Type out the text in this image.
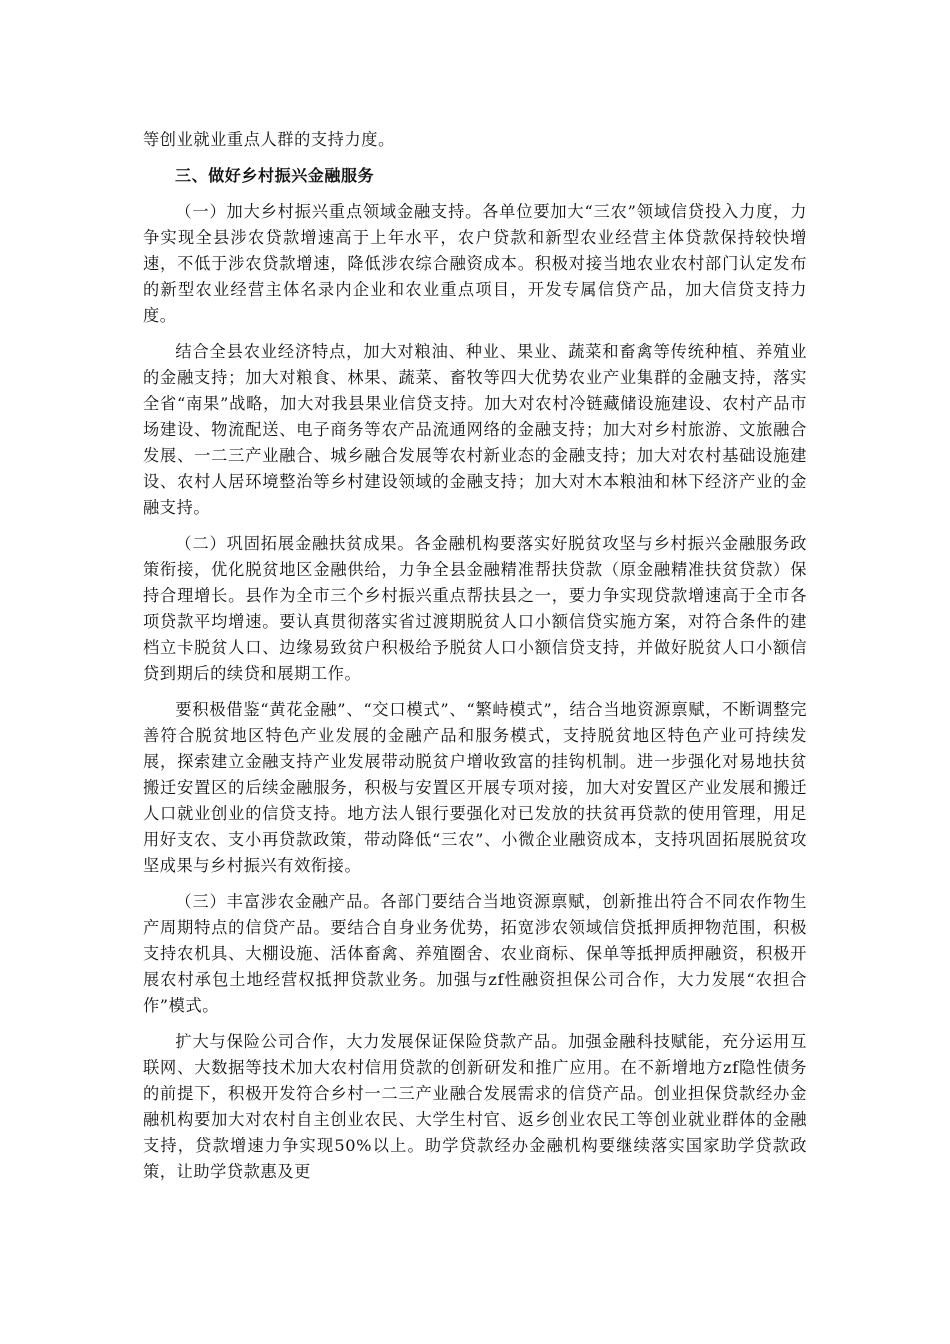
等创业就业重点人群的支持力度。

三、做好乡村振兴金融服务

（一）加大乡村振兴重点领域金融支持。各单位要加大“三农”领域信贷投入力度，力争实现全县涉农贷款增速高于上年水平，农户贷款和新型农业经营主体贷款保持较快增速，不低于涉农贷款增速，降低涉农综合融资成本。积极对接当地农业农村部门认定发布的新型农业经营主体名录内企业和农业重点项目，开发专属信贷产品，加大信贷支持力度。

结合全县农业经济特点，加大对粮油、种业、果业、蔬菜和畜禽等传统种植、养殖业的金融支持；加大对粮食、林果、蔬菜、畜牧等四大优势农业产业集群的金融支持，落实全省“南果”战略，加大对我县果业信贷支持。加大对农村冷链藏储设施建设、农村产品市场建设、物流配送、电子商务等农产品流通网络的金融支持；加大对乡村旅游、文旅融合发展、一二三产业融合、城乡融合发展等农村新业态的金融支持；加大对农村基础设施建设、农村人居环境整治等乡村建设领域的金融支持；加大对木本粮油和林下经济产业的金融支持。

（二）巩固拓展金融扶贫成果。各金融机构要落实好脱贫攻坚与乡村振兴金融服务政策衔接，优化脱贫地区金融供给，力争全县金融精准帮扶贷款（原金融精准扶贫贷款）保持合理增长。县作为全市三个乡村振兴重点帮扶县之一，要力争实现贷款增速高于全市各项贷款平均增速。要认真贯彻落实省过渡期脱贫人口小额信贷实施方案，对符合条件的建档立卡脱贫人口、边缘易致贫户积极给予脱贫人口小额信贷支持，并做好脱贫人口小额信贷到期后的续贷和展期工作。

要积极借鉴“黄花金融”、“交口模式”、“繁峙模式”，结合当地资源禀赋，不断调整完善符合脱贫地区特色产业发展的金融产品和服务模式，支持脱贫地区特色产业可持续发展，探索建立金融支持产业发展带动脱贫户增收致富的挂钩机制。进一步强化对易地扶贫搬迁安置区的后续金融服务，积极与安置区开展专项对接，加大对安置区产业发展和搬迁人口就业创业的信贷支持。地方法人银行要强化对已发放的扶贫再贷款的使用管理，用足用好支农、支小再贷款政策，带动降低“三农”、小微企业融资成本，支持巩固拓展脱贫攻坚成果与乡村振兴有效衔接。

（三）丰富涉农金融产品。各部门要结合当地资源禀赋，创新推出符合不同农作物生产周期特点的信贷产品。要结合自身业务优势，拓宽涉农领域信贷抵押质押物范围，积极支持农机具、大棚设施、活体畜禽、养殖圈舍、农业商标、保单等抵押质押融资，积极开展农村承包土地经营权抵押贷款业务。加强与zf性融资担保公司合作，大力发展“农担合作”模式。

扩大与保险公司合作，大力发展保证保险贷款产品。加强金融科技赋能，充分运用互联网、大数据等技术加大农村信用贷款的创新研发和推广应用。在不新增地方zf隐性债务的前提下，积极开发符合乡村一二三产业融合发展需求的信贷产品。创业担保贷款经办金融机构要加大对农村自主创业农民、大学生村官、返乡创业农民工等创业就业群体的金融支持，贷款增速力争实现50%以上。助学贷款经办金融机构要继续落实国家助学贷款政策，让助学贷款惠及更
